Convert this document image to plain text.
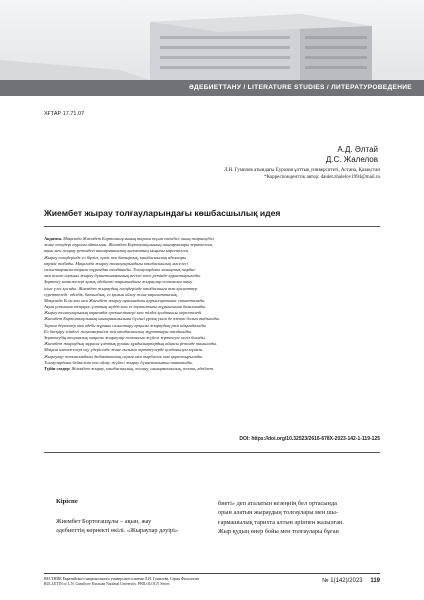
ӘДЕБИЕТТАНУ / LITERATURE STUDIES / ЛИТЕРАТУРОВЕДЕНИЕ
ХҒТАР 17.71.07
А.Д. Әлтай
Д.С. Жалелов
Л.Н. Гумилев атындағы Еуразия ұлттық университеті, Астана, Қазақстан
*Корреспонденттік автор: daulet.zhalelov1994@mail.ru
Жиембет жырау толғауларындағы көшбасшылық идея
Аңдатпа. Мақалада Жиембет Бортоғашұлының тарихи тұлға екендігі, оның өміршеңдігі
және өлеңдері туралы айтылған. Жиембет Бортоғашұлының шығармалары зерттелген,
ақын мен жырау ретіндегі шығармашылық қызметінің маңызы көрсетілген.
Жырау өлеңдерінде ел бірлігі, ерлік пен батырлық, көшбасшылық идеялары
көрініс табады. Мақалада жырау толғауларындағы көшбасшылық мәселесі
салыстырмалы-тарихи тұрғыдан талданады. Толғаулардағы халықтық тәрбие
мен өсиет сарыны жырау дүниетанымының негізгі өзегі ретінде қарастырылады.
Зерттеу нәтижелері қазақ әдебиеті тарихындағы жыраулар поэзиясын тану
ісіне үлес қосады. Жиембет жыраудың өлеңдерінде көшбасшыға тән қасиеттер
суреттеледі: әділдік, батылдық, ел қамын ойлау және парасаттылық.
Мақалада Есім хан мен Жиембет жырау арасындағы қарым-қатынас сипатталады.
Ақын ұстанған көзқарас ұлттық мүдде мен ел тұтастығы тұрғысынан бағаланады.
Жырау толғауларының көркемдік ерекшеліктері мен тілдік қолданысы көрсетіледі.
Жиембет Бортоғашұлының шығармашылығы бүгінгі ұрпақ үшін де өзекті болып табылады.
Тарихи деректер мен әдеби мұраны салыстыру арқылы жыраудың рөлі айқындалады.
Ел басқару ісіндегі жауапкершілік пен көшбасшылық мұраттары талданады.
Зерттеудің теориялық маңызы жыраулар поэзиясын жүйелі зерттеуге негіз болады.
Жиембет жыраудың мұрасы ұлттық рухани құндылықтардың айнасы ретінде танылады.
Мақала нәтижелері оқу үдерісінде және ғылыми зерттеулерде қолданылуы мүмкін.
Жыраулар поэзиясындағы дидактикалық сарын мен тәрбиелік мән қарастырылады.
Толғаулардағы бейнелілік пен ойлау жүйесі жырау дүниетанымын танытады.
Түйін сөздер: Жиембет жырау, көшбасшылық, толғау, шығармашылық, поэзия, әдебиет.
DOI: https://doi.org/10.32523/2616-678X-2023-142-1-119-125
Кіріспе
Жиембет Бортоғашұлы – ақын, жау
әдебиеттің көрнекті өкілі. «Жыраулар дәуірі»
биеті» деп аталатын кезеңнің бел ортасында
орын алатын жыраудың толғаулары мен шы-
ғармашылық тарихта алтын әріппен жазылған.
Жыр қудың өнер бойы мен толғаулары бұған
ВЕСТНИК Евразийского национального университета имени Л.Н. Гумилева. Серия Филология
BULLETIN of L.N. Gumilyov Eurasian National University. PHILOLOGY Series
№ 1(142)/2023 119
